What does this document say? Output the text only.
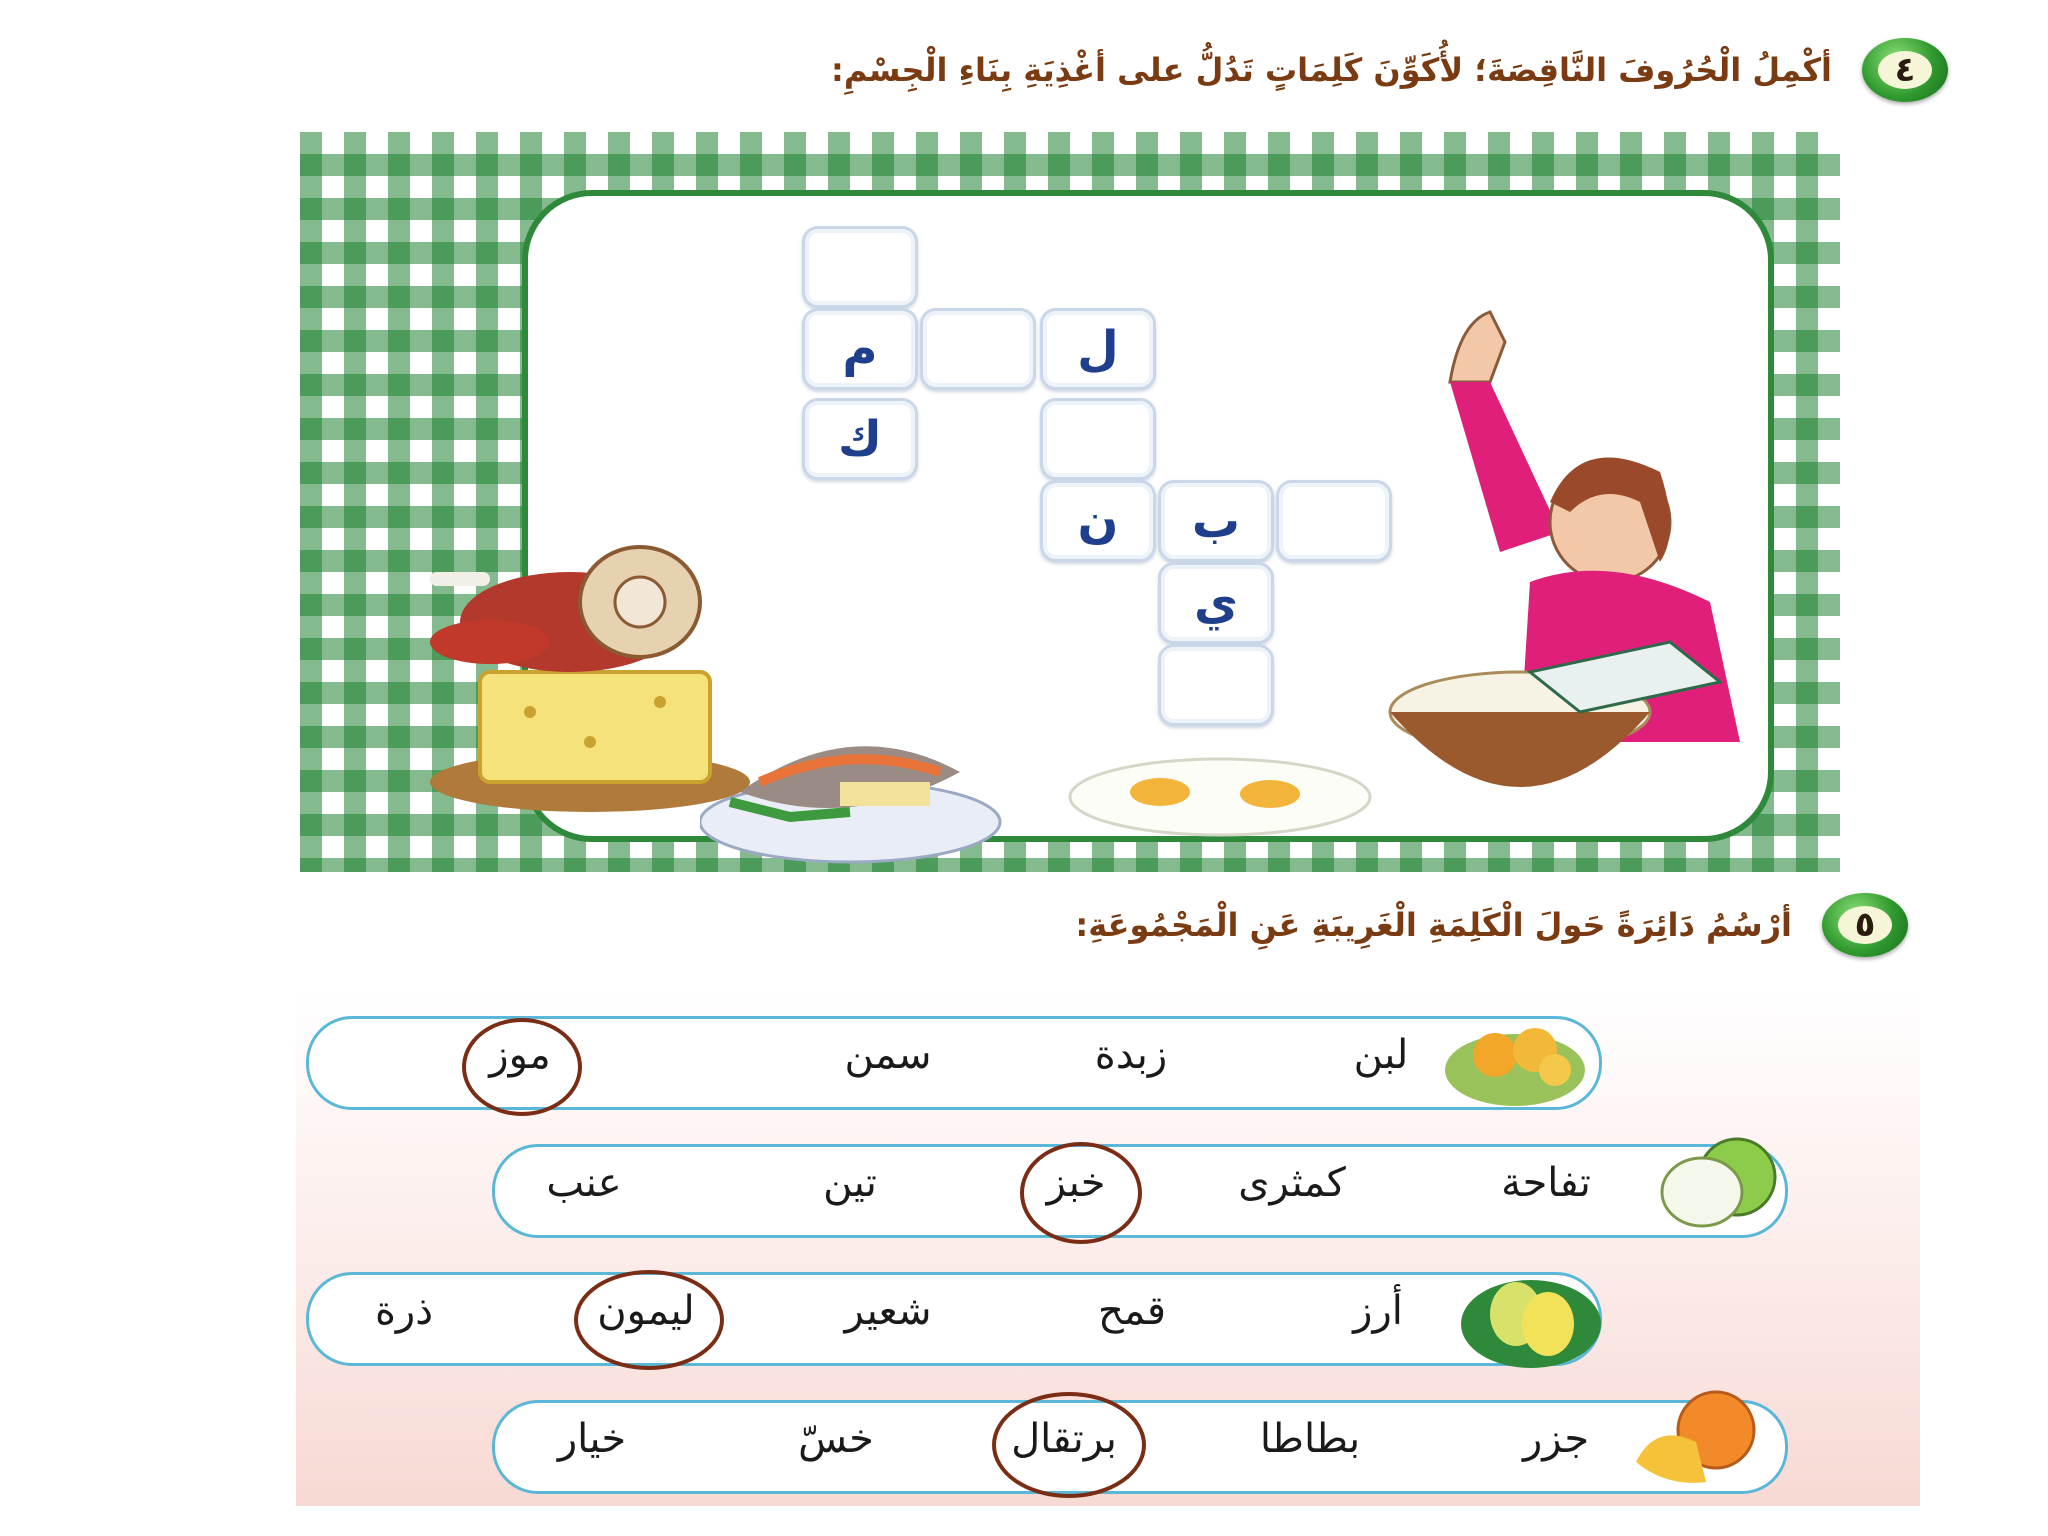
٤
أكْمِلُ الْحُرُوفَ النَّاقِصَةَ؛ لأُكَوِّنَ كَلِمَاتٍ تَدُلُّ على أغْذِيَةِ بِنَاءِ الْجِسْمِ:
م	ل
ك
ن	ب
ي
٥
أرْسُمُ دَائِرَةً حَولَ الْكَلِمَةِ الْغَرِيبَةِ عَنِ الْمَجْمُوعَةِ:
لبن
زبدة
سمن
موز
تفاحة
كمثرى
خبز
تين
عنب
أرز
قمح
شعير
ليمون
ذرة
جزر
بطاطا
برتقال
خسّ
خيار
